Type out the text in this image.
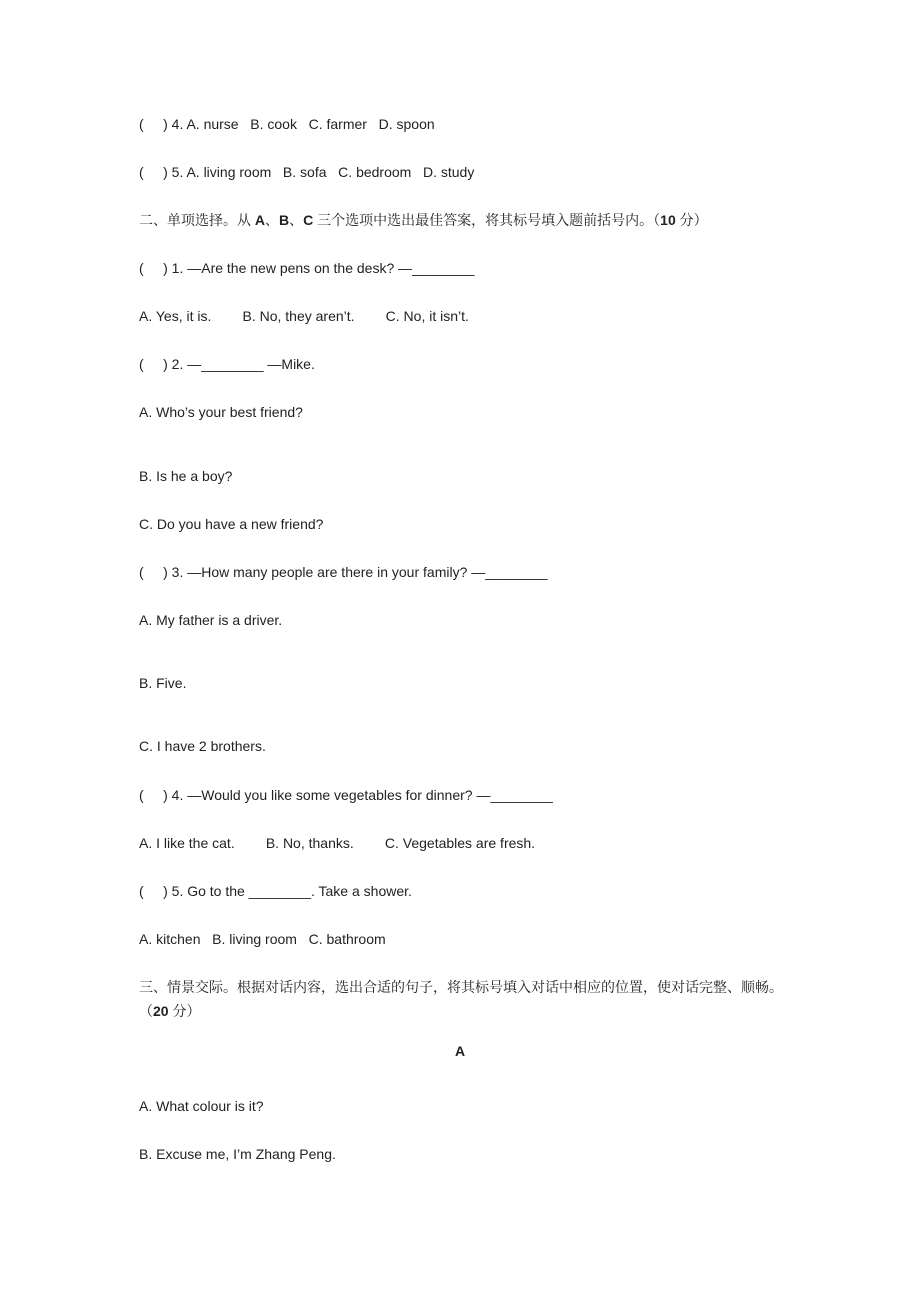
(     ) 4. A. nurse   B. cook   C. farmer   D. spoon
(     ) 5. A. living room   B. sofa   C. bedroom   D. study
二、单项选择。从 A、B、C 三个选项中选出最佳答案，将其标号填入题前括号内。（10 分）
(     ) 1. —Are the new pens on the desk? —________
A. Yes, it is.        B. No, they aren’t.        C. No, it isn’t.
(     ) 2. —________ —Mike.
A. Who’s your best friend?
B. Is he a boy?
C. Do you have a new friend?
(     ) 3. —How many people are there in your family? —________
A. My father is a driver.
B. Five.
C. I have 2 brothers.
(     ) 4. —Would you like some vegetables for dinner? —________
A. I like the cat.        B. No, thanks.        C. Vegetables are fresh.
(     ) 5. Go to the ________. Take a shower.
A. kitchen   B. living room   C. bathroom
三、情景交际。根据对话内容，选出合适的句子，将其标号填入对话中相应的位置，使对话完整、顺畅。（20 分）
A
A. What colour is it?
B. Excuse me, I’m Zhang Peng.
